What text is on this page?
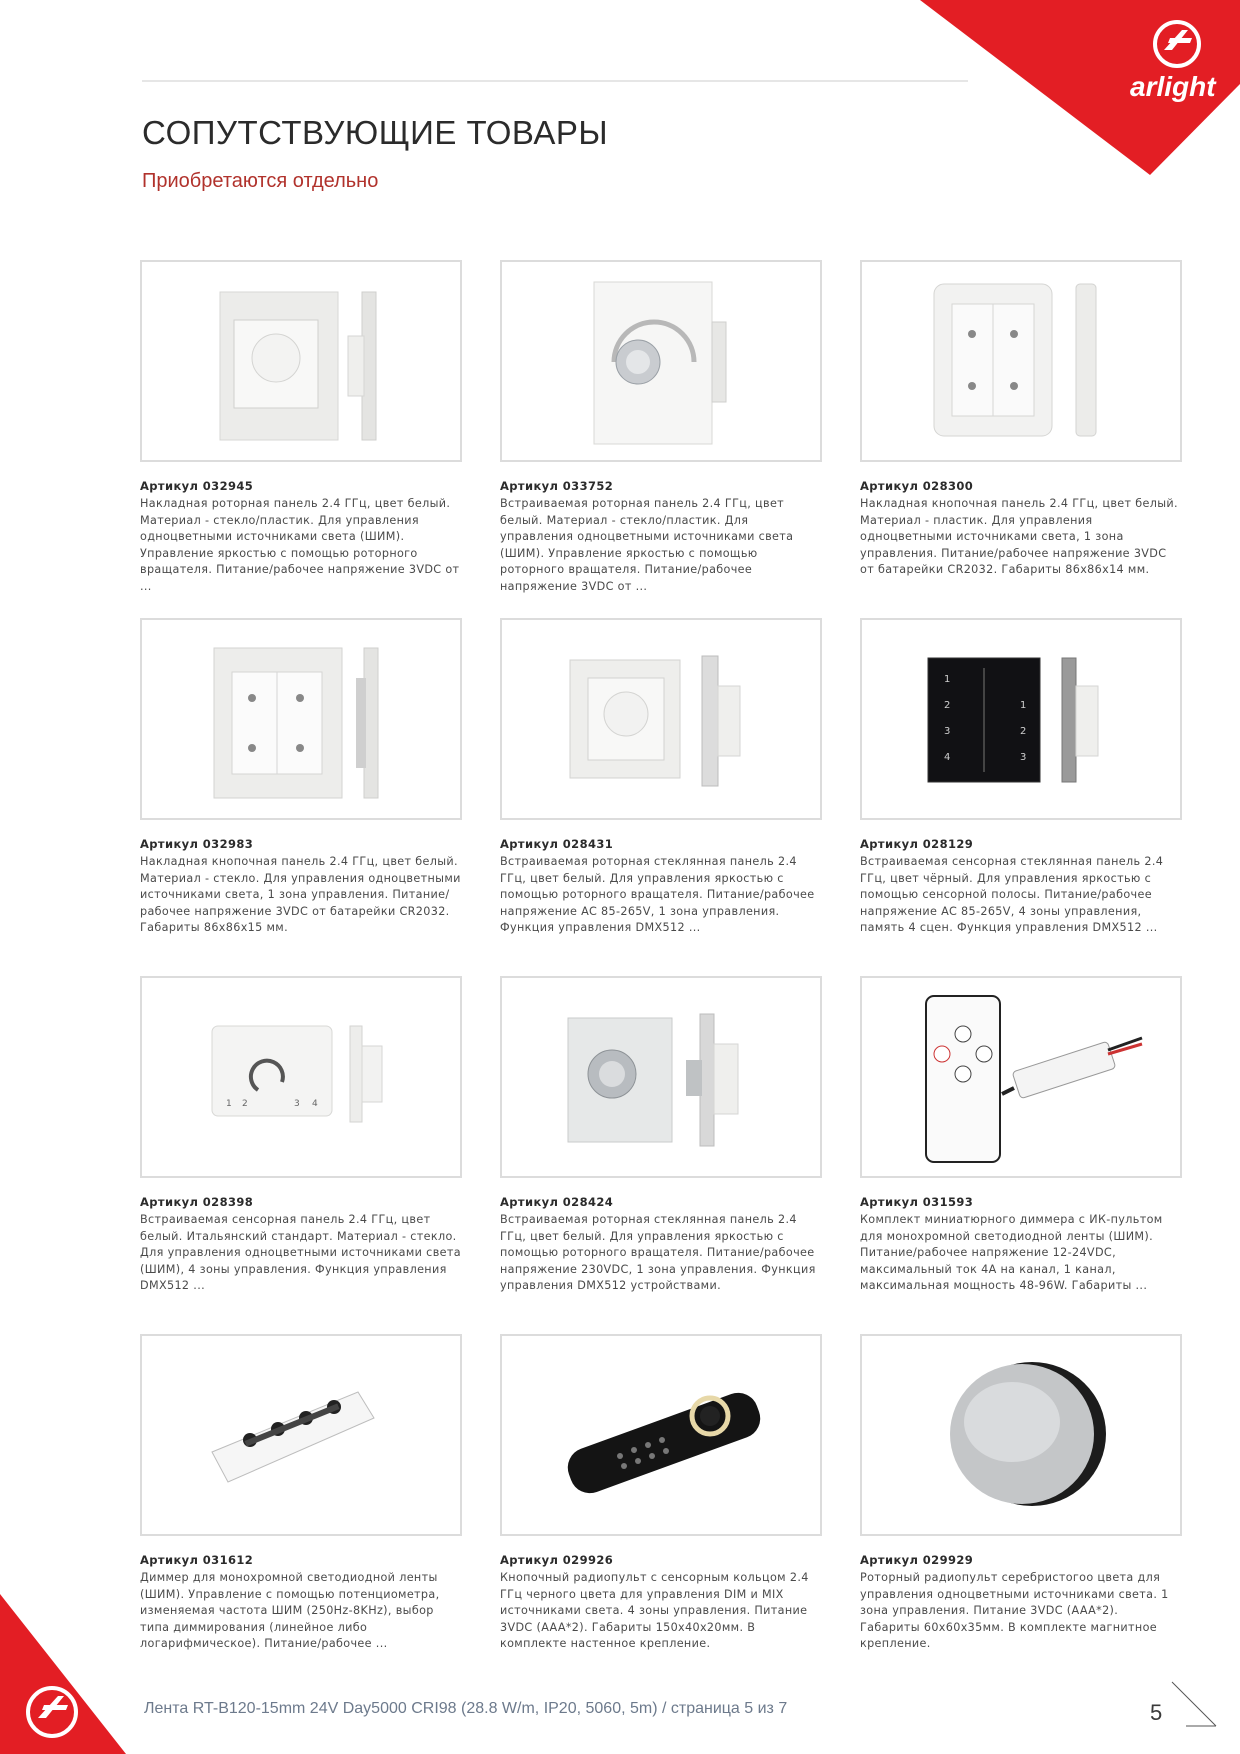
arlight
СОПУТСТВУЮЩИЕ ТОВАРЫ
Приобретаются отдельно
Артикул 032945
Накладная роторная панель 2.4 ГГц, цвет белый. Материал - стекло/пластик. Для управления одноцветными источниками света (ШИМ). Управление яркостью с помощью роторного вращателя. Питание/рабочее напряжение 3VDC от ...
Артикул 033752
Встраиваемая роторная панель 2.4 ГГц, цвет белый. Материал - стекло/пластик. Для управления одноцветными источниками света (ШИМ). Управление яркостью с помощью роторного вращателя. Питание/рабочее напряжение 3VDC от ...
Артикул 028300
Накладная кнопочная панель 2.4 ГГц, цвет белый. Материал - пластик. Для управления одноцветными источниками света, 1 зона управления. Питание/рабочее напряжение 3VDC от батарейки CR2032. Габариты 86х86х14 мм.
Артикул 032983
Накладная кнопочная панель 2.4 ГГц, цвет белый. Материал - стекло. Для управления одноцветными источниками света, 1 зона управления. Питание/рабочее напряжение 3VDC от батарейки CR2032. Габариты 86х86х15 мм.
Артикул 028431
Встраиваемая роторная стеклянная панель 2.4 ГГц, цвет белый. Для управления яркостью с помощью роторного вращателя. Питание/рабочее напряжение AC 85-265V, 1 зона управления. Функция управления DMX512 ...
1
2
3
4
1
2
3
Артикул 028129
Встраиваемая сенсорная стеклянная панель 2.4 ГГц, цвет чёрный. Для управления яркостью с помощью сенсорной полосы. Питание/рабочее напряжение AC 85-265V, 4 зоны управления, память 4 сцен. Функция управления DMX512 ...
1 2	3 4
Артикул 028398
Встраиваемая сенсорная панель 2.4 ГГц, цвет белый. Итальянский стандарт. Материал - стекло. Для управления одноцветными источниками света (ШИМ), 4 зоны управления. Функция управления DMX512 ...
Артикул 028424
Встраиваемая роторная стеклянная панель 2.4 ГГц, цвет белый. Для управления яркостью с помощью роторного вращателя. Питание/рабочее напряжение 230VDC, 1 зона управления. Функция управления DMX512 устройствами.
Артикул 031593
Комплект миниатюрного диммера с ИК-пультом для монохромной светодиодной ленты (ШИМ). Питание/рабочее напряжение 12-24VDC, максимальный ток 4А на канал, 1 канал, максимальная мощность 48-96W. Габариты ...
Артикул 031612
Диммер для монохромной светодиодной ленты (ШИМ). Управление с помощью потенциометра, изменяемая частота ШИМ (250Hz-8KHz), выбор типа диммирования (линейное либо логарифмическое). Питание/рабочее ...
Артикул 029926
Кнопочный радиопульт с сенсорным кольцом 2.4 ГГц черного цвета для управления DIM и MIX источниками света. 4 зоны управления. Питание 3VDC (AAA*2). Габариты 150х40х20мм. В комплекте настенное крепление.
Артикул 029929
Роторный радиопульт серебристогоо цвета для управления одноцветными источниками света. 1 зона управления. Питание 3VDC (AAA*2). Габариты 60х60х35мм. В комплекте магнитное крепление.
Лента RT-B120-15mm 24V Day5000 CRI98 (28.8 W/m, IP20, 5060, 5m) / страница 5 из 7	5
